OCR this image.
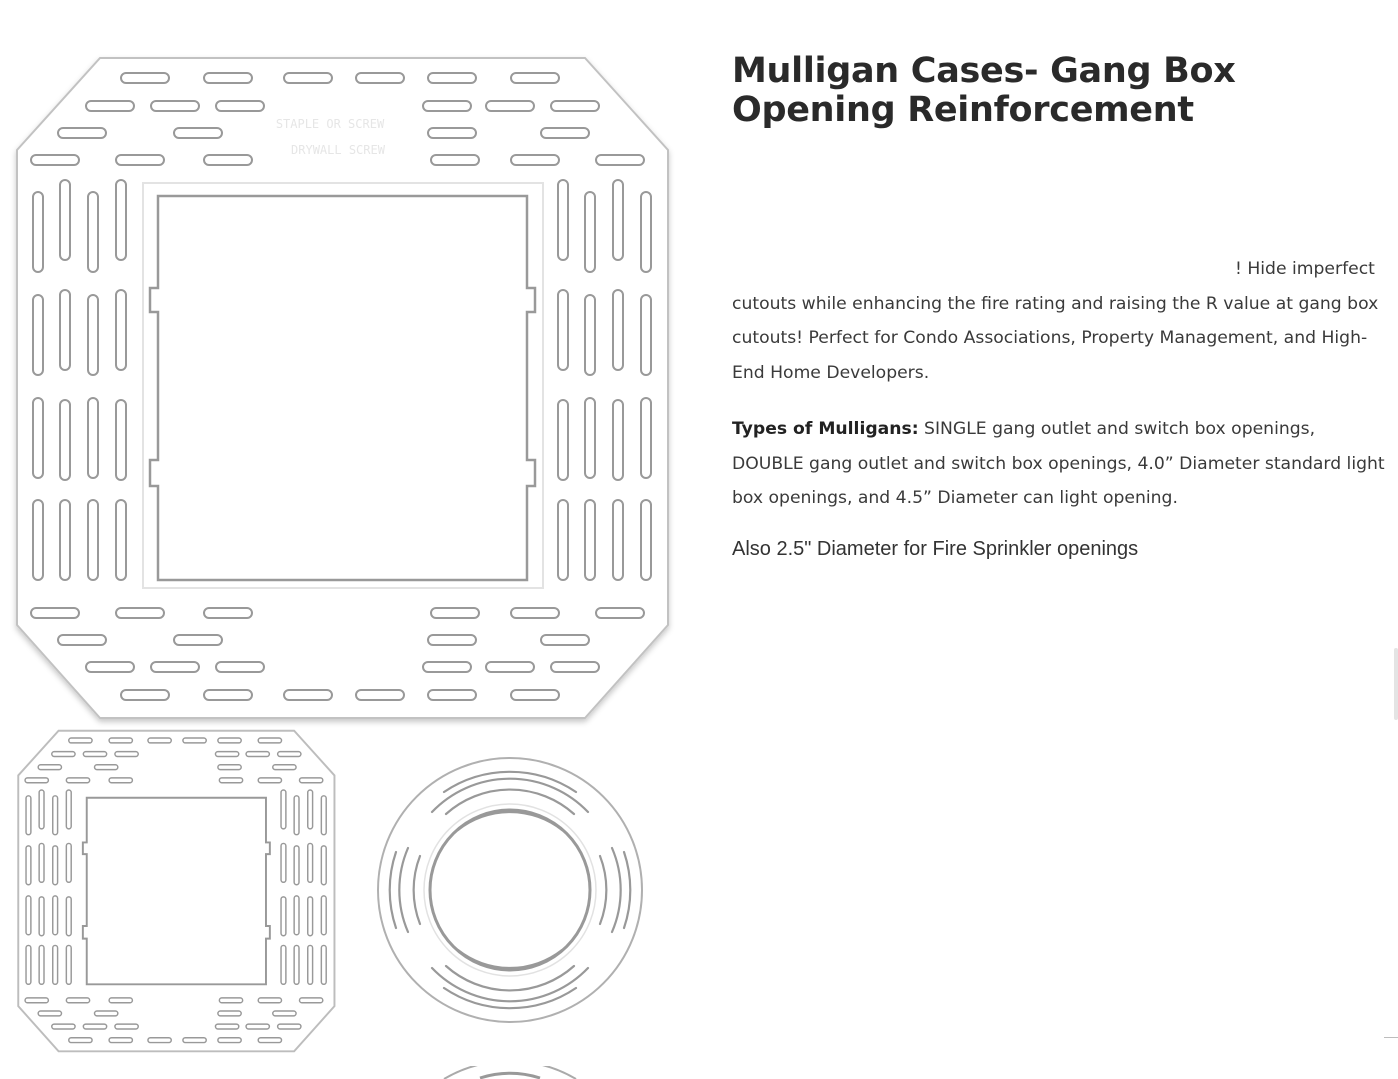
STAPLE OR SCREW
DRYWALL SCREW
Mulligan Cases- Gang Box Opening Reinforcement

! Hide imperfect cutouts while enhancing the fire rating and raising the R value at gang box cutouts! Perfect for Condo Associations, Property Management, and High-End Home Developers.

Types of Mulligans: SINGLE gang outlet and switch box openings, DOUBLE gang outlet and switch box openings, 4.0” Diameter standard light box openings, and 4.5” Diameter can light opening.

Also 2.5" Diameter for Fire Sprinkler openings
